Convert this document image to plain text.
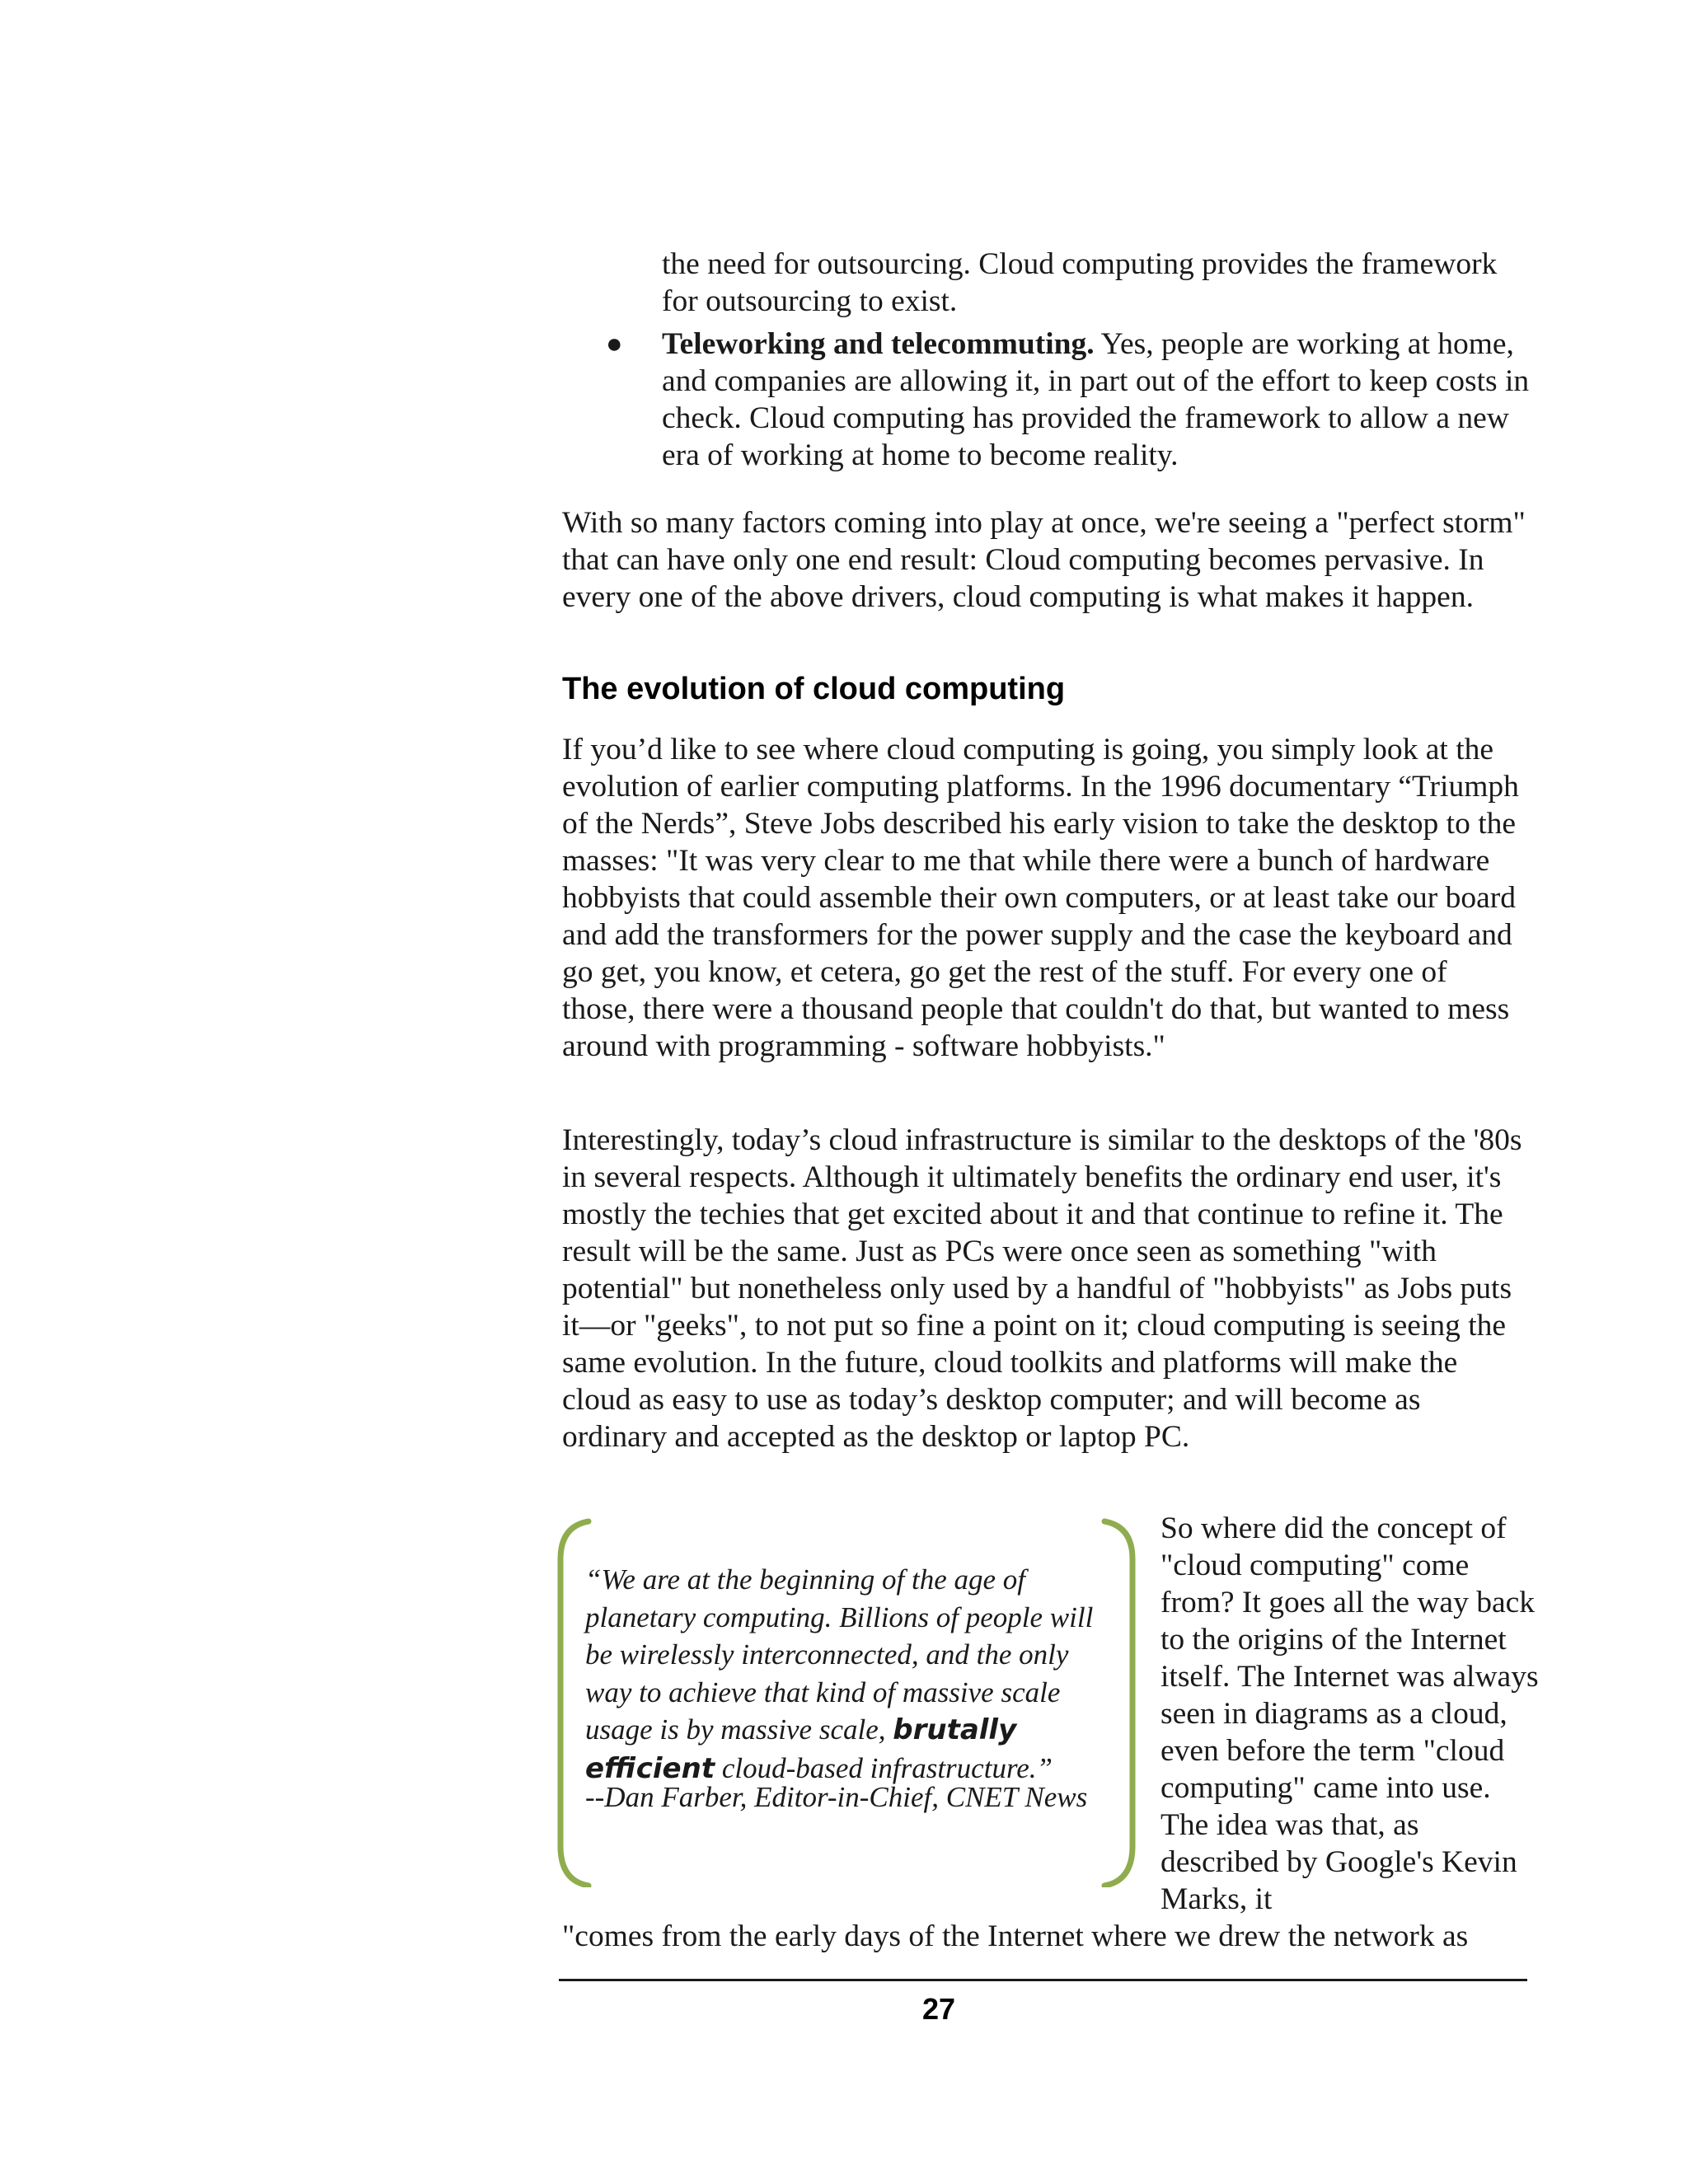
the need for outsourcing. Cloud computing provides the framework for outsourcing to exist.

● Teleworking and telecommuting. Yes, people are working at home, and companies are allowing it, in part out of the effort to keep costs in check. Cloud computing has provided the framework to allow a new era of working at home to become reality.

With so many factors coming into play at once, we're seeing a "perfect storm" that can have only one end result: Cloud computing becomes pervasive. In every one of the above drivers, cloud computing is what makes it happen.

The evolution of cloud computing

If you’d like to see where cloud computing is going, you simply look at the evolution of earlier computing platforms. In the 1996 documentary “Triumph of the Nerds”, Steve Jobs described his early vision to take the desktop to the masses: "It was very clear to me that while there were a bunch of hardware hobbyists that could assemble their own computers, or at least take our board and add the transformers for the power supply and the case the keyboard and go get, you know, et cetera, go get the rest of the stuff. For every one of those, there were a thousand people that couldn't do that, but wanted to mess around with programming - software hobbyists."

Interestingly, today’s cloud infrastructure is similar to the desktops of the '80s in several respects. Although it ultimately benefits the ordinary end user, it's mostly the techies that get excited about it and that continue to refine it. The result will be the same. Just as PCs were once seen as something "with potential" but nonetheless only used by a handful of "hobbyists" as Jobs puts it—or "geeks", to not put so fine a point on it; cloud computing is seeing the same evolution. In the future, cloud toolkits and platforms will make the cloud as easy to use as today’s desktop computer; and will become as ordinary and accepted as the desktop or laptop PC.

“We are at the beginning of the age of planetary computing. Billions of people will be wirelessly interconnected, and the only way to achieve that kind of massive scale usage is by massive scale, brutally efficient cloud-based infrastructure.”
--Dan Farber, Editor-in-Chief, CNET News

So where did the concept of "cloud computing" come from? It goes all the way back to the origins of the Internet itself. The Internet was always seen in diagrams as a cloud, even before the term "cloud computing" came into use. The idea was that, as described by Google's Kevin Marks, it

"comes from the early days of the Internet where we drew the network as
27
